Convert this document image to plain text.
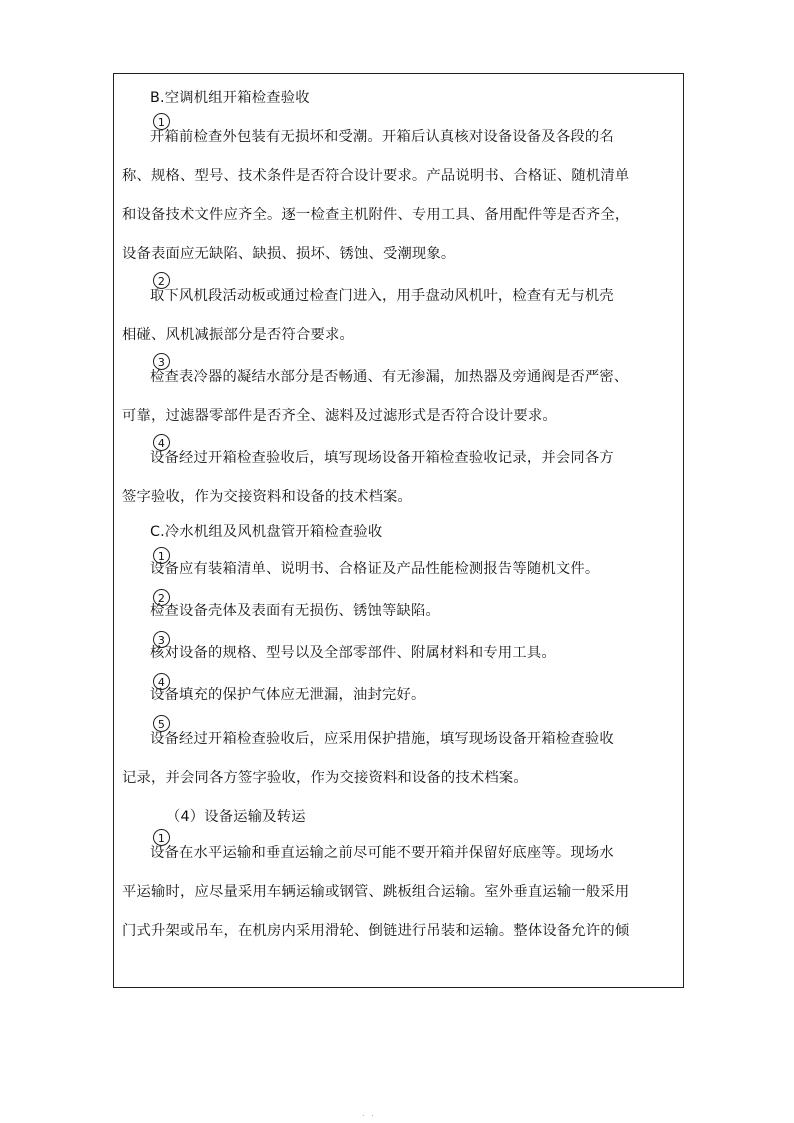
B.空调机组开箱检查验收
1
开箱前检查外包装有无损坏和受潮。开箱后认真核对设备设备及各段的名
称、规格、型号、技术条件是否符合设计要求。产品说明书、合格证、随机清单
和设备技术文件应齐全。逐一检查主机附件、专用工具、备用配件等是否齐全，
设备表面应无缺陷、缺损、损坏、锈蚀、受潮现象。
2
取下风机段活动板或通过检查门进入，用手盘动风机叶，检查有无与机壳
相碰、风机减振部分是否符合要求。
3
检查表冷器的凝结水部分是否畅通、有无渗漏，加热器及旁通阀是否严密、
可靠，过滤器零部件是否齐全、滤料及过滤形式是否符合设计要求。
4
设备经过开箱检查验收后，填写现场设备开箱检查验收记录，并会同各方
签字验收，作为交接资料和设备的技术档案。
C.冷水机组及风机盘管开箱检查验收
1
设备应有装箱清单、说明书、合格证及产品性能检测报告等随机文件。
2
检查设备壳体及表面有无损伤、锈蚀等缺陷。
3
核对设备的规格、型号以及全部零部件、附属材料和专用工具。
4
设备填充的保护气体应无泄漏，油封完好。
5
设备经过开箱检查验收后，应采用保护措施，填写现场设备开箱检查验收
记录，并会同各方签字验收，作为交接资料和设备的技术档案。
（4）设备运输及转运
1
设备在水平运输和垂直运输之前尽可能不要开箱并保留好底座等。现场水
平运输时，应尽量采用车辆运输或钢管、跳板组合运输。室外垂直运输一般采用
门式升架或吊车，在机房内采用滑轮、倒链进行吊装和运输。整体设备允许的倾
. .
